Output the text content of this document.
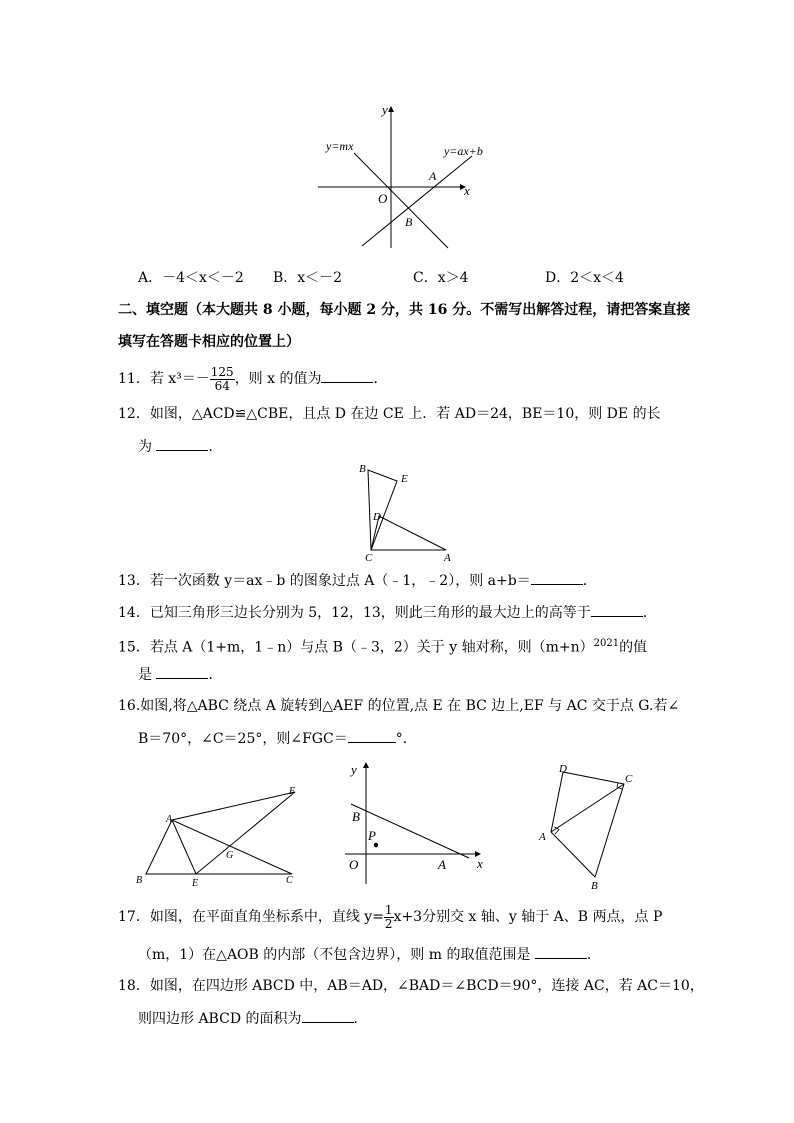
y
x
O
A
B
y=mx	y=ax+b
A．－4＜x＜－2 B．x＜－2	C．x＞4	D．2＜x＜4
二、填空题（本大题共 8 小题，每小题 2 分，共 16 分。不需写出解答过程，请把答案直接
填写在答题卡相应的位置上）
11．若 $x^3=- \frac{125}{64}$ ，则 x 的值为	．
12．如图，△ACD≌△CBE，且点 D 在边 CE 上．若 AD＝24，BE＝10，则 DE 的长
为	．
B
E
D
C	A
13．若一次函数 y＝ax﹣b 的图象过点 A（﹣1，﹣2），则 a+b＝	．
14．已知三角形三边长分别为 5，12，13，则此三角形的最大边上的高等于	．
15．若点 A（1+m，1﹣n）与点 B（﹣3，2）关于 y 轴对称，则$(m+n)^{2021}$的值
是	．
16.如图,将△ABC 绕点 A 旋转到△AEF 的位置,点 E 在 BC 边上,EF 与 AC 交于点 G.若∠
B＝70°，∠C＝25°，则∠FGC＝	°．
A
F
G
B	E	C
y
x
O	A
B
P
D
C
A
B
17．如图，在平面直角坐标系中，直线 $y= \frac{1}{2} x+3$分别交 x 轴、y 轴于 A、B 两点，点 P
（m，1）在△AOB 的内部（不包含边界），则 m 的取值范围是	．
18．如图，在四边形 ABCD 中，AB＝AD，∠BAD＝∠BCD＝90°，连接 AC，若 AC＝10，
则四边形 ABCD 的面积为	．
